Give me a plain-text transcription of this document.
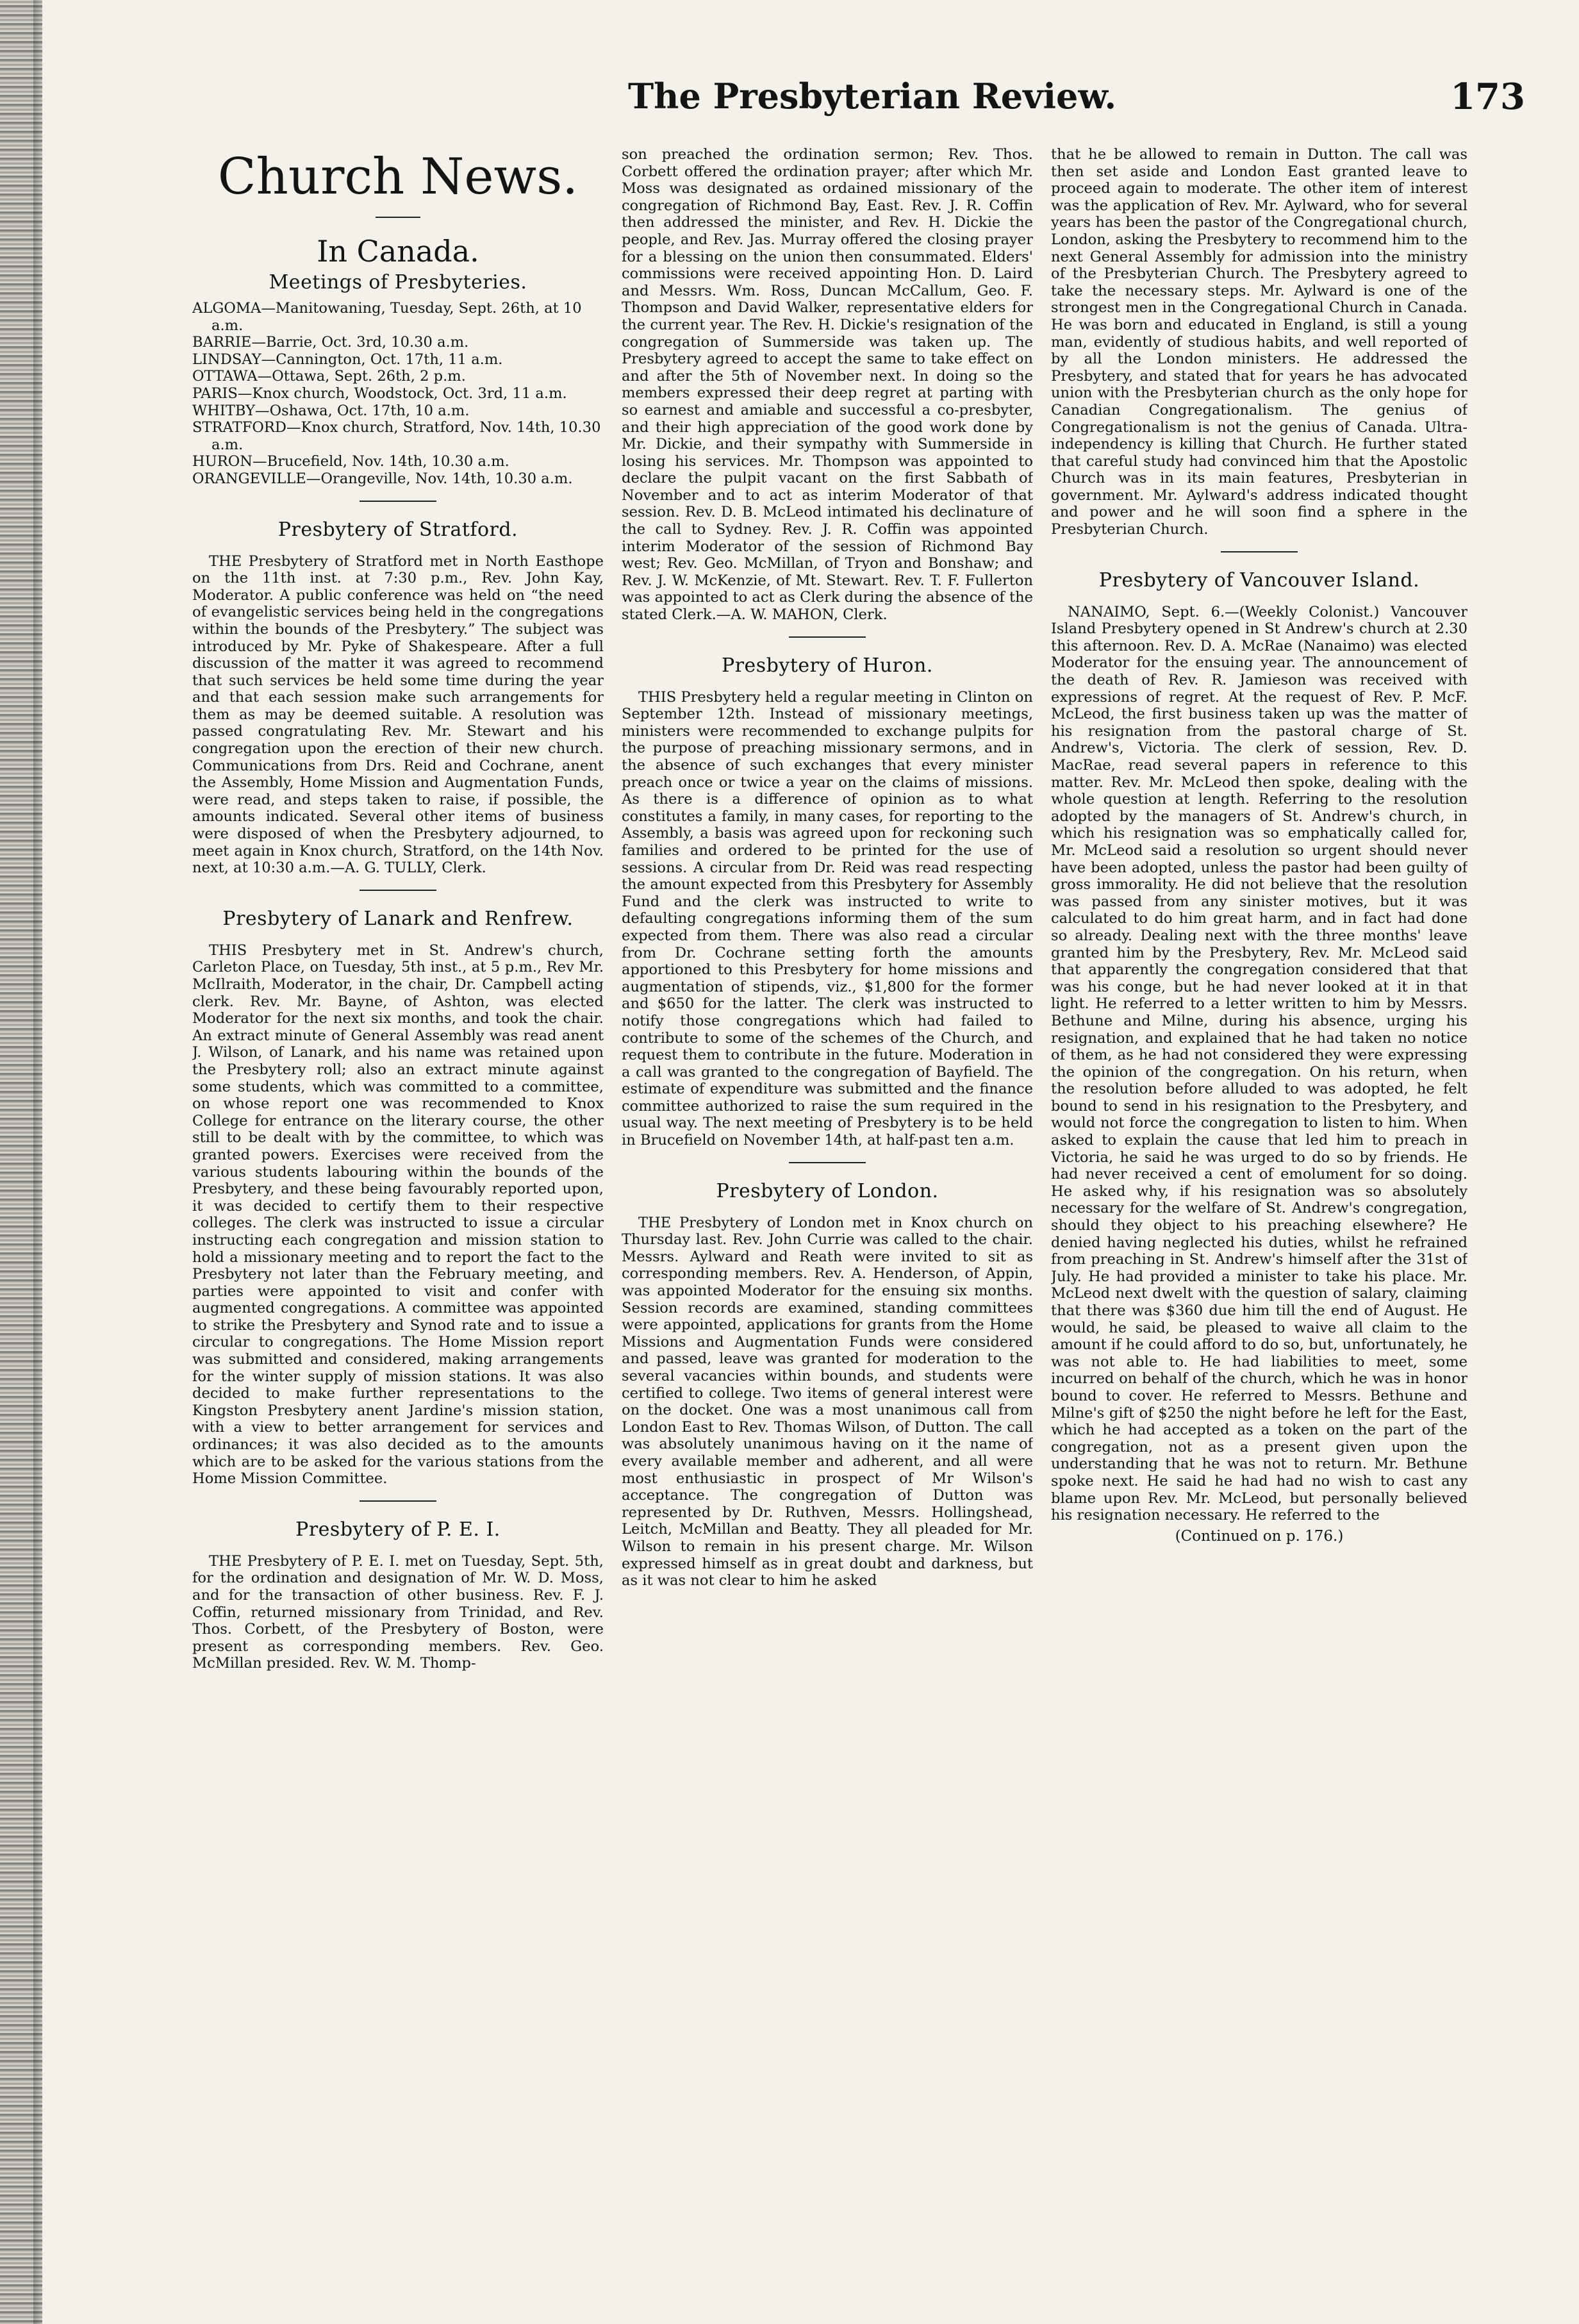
The Presbyterian Review.	173
Church News.
In Canada.
Meetings of Presbyteries.

ALGOMA—Manitowaning, Tuesday, Sept. 26th, at 10 a.m.

BARRIE—Barrie, Oct. 3rd, 10.30 a.m.

LINDSAY—Cannington, Oct. 17th, 11 a.m.

OTTAWA—Ottawa, Sept. 26th, 2 p.m.

PARIS—Knox church, Woodstock, Oct. 3rd, 11 a.m.

WHITBY—Oshawa, Oct. 17th, 10 a.m.

STRATFORD—Knox church, Stratford, Nov. 14th, 10.30 a.m.

HURON—Brucefield, Nov. 14th, 10.30 a.m.

ORANGEVILLE—Orangeville, Nov. 14th, 10.30 a.m.

Presbytery of Stratford.

THE Presbytery of Stratford met in North Easthope on the 11th inst. at 7:30 p.m., Rev. John Kay, Moderator. A public conference was held on “the need of evangelistic services being held in the congregations within the bounds of the Presbytery.” The subject was introduced by Mr. Pyke of Shakespeare. After a full discussion of the matter it was agreed to recommend that such services be held some time during the year and that each session make such arrangements for them as may be deemed suitable. A resolution was passed congratulating Rev. Mr. Stewart and his congregation upon the erection of their new church. Communications from Drs. Reid and Cochrane, anent the Assembly, Home Mission and Augmentation Funds, were read, and steps taken to raise, if possible, the amounts indicated. Several other items of business were disposed of when the Presbytery adjourned, to meet again in Knox church, Stratford, on the 14th Nov. next, at 10:30 a.m.—A. G. TULLY, Clerk.

Presbytery of Lanark and Renfrew.

THIS Presbytery met in St. Andrew's church, Carleton Place, on Tuesday, 5th inst., at 5 p.m., Rev Mr. McIlraith, Moderator, in the chair, Dr. Campbell acting clerk. Rev. Mr. Bayne, of Ashton, was elected Moderator for the next six months, and took the chair. An extract minute of General Assembly was read anent J. Wilson, of Lanark, and his name was retained upon the Presbytery roll; also an extract minute against some students, which was committed to a committee, on whose report one was recommended to Knox College for entrance on the literary course, the other still to be dealt with by the committee, to which was granted powers. Exercises were received from the various students labouring within the bounds of the Presbytery, and these being favourably reported upon, it was decided to certify them to their respective colleges. The clerk was instructed to issue a circular instructing each congregation and mission station to hold a missionary meeting and to report the fact to the Presbytery not later than the February meeting, and parties were appointed to visit and confer with augmented congregations. A committee was appointed to strike the Presbytery and Synod rate and to issue a circular to congregations. The Home Mission report was submitted and considered, making arrangements for the winter supply of mission stations. It was also decided to make further representations to the Kingston Presbytery anent Jardine's mission station, with a view to better arrangement for services and ordinances; it was also decided as to the amounts which are to be asked for the various stations from the Home Mission Committee.

Presbytery of P. E. I.

THE Presbytery of P. E. I. met on Tuesday, Sept. 5th, for the ordination and designation of Mr. W. D. Moss, and for the transaction of other business. Rev. F. J. Coffin, returned missionary from Trinidad, and Rev. Thos. Corbett, of the Presbytery of Boston, were present as corresponding members. Rev. Geo. McMillan presided. Rev. W. M. Thomp-

son preached the ordination sermon; Rev. Thos. Corbett offered the ordination prayer; after which Mr. Moss was designated as ordained missionary of the congregation of Richmond Bay, East. Rev. J. R. Coffin then addressed the minister, and Rev. H. Dickie the people, and Rev. Jas. Murray offered the closing prayer for a blessing on the union then consummated. Elders' commissions were received appointing Hon. D. Laird and Messrs. Wm. Ross, Duncan McCallum, Geo. F. Thompson and David Walker, representative elders for the current year. The Rev. H. Dickie's resignation of the congregation of Summerside was taken up. The Presbytery agreed to accept the same to take effect on and after the 5th of November next. In doing so the members expressed their deep regret at parting with so earnest and amiable and successful a co-presbyter, and their high appreciation of the good work done by Mr. Dickie, and their sympathy with Summerside in losing his services. Mr. Thompson was appointed to declare the pulpit vacant on the first Sabbath of November and to act as interim Moderator of that session. Rev. D. B. McLeod intimated his declinature of the call to Sydney. Rev. J. R. Coffin was appointed interim Moderator of the session of Richmond Bay west; Rev. Geo. McMillan, of Tryon and Bonshaw; and Rev. J. W. McKenzie, of Mt. Stewart. Rev. T. F. Fullerton was appointed to act as Clerk during the absence of the stated Clerk.—A. W. MAHON, Clerk.

Presbytery of Huron.

THIS Presbytery held a regular meeting in Clinton on September 12th. Instead of missionary meetings, ministers were recommended to exchange pulpits for the purpose of preaching missionary sermons, and in the absence of such exchanges that every minister preach once or twice a year on the claims of missions. As there is a difference of opinion as to what constitutes a family, in many cases, for reporting to the Assembly, a basis was agreed upon for reckoning such families and ordered to be printed for the use of sessions. A circular from Dr. Reid was read respecting the amount expected from this Presbytery for Assembly Fund and the clerk was instructed to write to defaulting congregations informing them of the sum expected from them. There was also read a circular from Dr. Cochrane setting forth the amounts apportioned to this Presbytery for home missions and augmentation of stipends, viz., $1,800 for the former and $650 for the latter. The clerk was instructed to notify those congregations which had failed to contribute to some of the schemes of the Church, and request them to contribute in the future. Moderation in a call was granted to the congregation of Bayfield. The estimate of expenditure was submitted and the finance committee authorized to raise the sum required in the usual way. The next meeting of Presbytery is to be held in Brucefield on November 14th, at half-past ten a.m.

Presbytery of London.

THE Presbytery of London met in Knox church on Thursday last. Rev. John Currie was called to the chair. Messrs. Aylward and Reath were invited to sit as corresponding members. Rev. A. Henderson, of Appin, was appointed Moderator for the ensuing six months. Session records are examined, standing committees were appointed, applications for grants from the Home Missions and Augmentation Funds were considered and passed, leave was granted for moderation to the several vacancies within bounds, and students were certified to college. Two items of general interest were on the docket. One was a most unanimous call from London East to Rev. Thomas Wilson, of Dutton. The call was absolutely unanimous having on it the name of every available member and adherent, and all were most enthusiastic in prospect of Mr Wilson's acceptance. The congregation of Dutton was represented by Dr. Ruthven, Messrs. Hollingshead, Leitch, McMillan and Beatty. They all pleaded for Mr. Wilson to remain in his present charge. Mr. Wilson expressed himself as in great doubt and darkness, but as it was not clear to him he asked

that he be allowed to remain in Dutton. The call was then set aside and London East granted leave to proceed again to moderate. The other item of interest was the application of Rev. Mr. Aylward, who for several years has been the pastor of the Congregational church, London, asking the Presbytery to recommend him to the next General Assembly for admission into the ministry of the Presbyterian Church. The Presbytery agreed to take the necessary steps. Mr. Aylward is one of the strongest men in the Congregational Church in Canada. He was born and educated in England, is still a young man, evidently of studious habits, and well reported of by all the London ministers. He addressed the Presbytery, and stated that for years he has advocated union with the Presbyterian church as the only hope for Canadian Congregationalism. The genius of Congregationalism is not the genius of Canada. Ultra-independency is killing that Church. He further stated that careful study had convinced him that the Apostolic Church was in its main features, Presbyterian in government. Mr. Aylward's address indicated thought and power and he will soon find a sphere in the Presbyterian Church.

Presbytery of Vancouver Island.

NANAIMO, Sept. 6.—(Weekly Colonist.) Vancouver Island Presbytery opened in St Andrew's church at 2.30 this afternoon. Rev. D. A. McRae (Nanaimo) was elected Moderator for the ensuing year. The announcement of the death of Rev. R. Jamieson was received with expressions of regret. At the request of Rev. P. McF. McLeod, the first business taken up was the matter of his resignation from the pastoral charge of St. Andrew's, Victoria. The clerk of session, Rev. D. MacRae, read several papers in reference to this matter. Rev. Mr. McLeod then spoke, dealing with the whole question at length. Referring to the resolution adopted by the managers of St. Andrew's church, in which his resignation was so emphatically called for, Mr. McLeod said a resolution so urgent should never have been adopted, unless the pastor had been guilty of gross immorality. He did not believe that the resolution was passed from any sinister motives, but it was calculated to do him great harm, and in fact had done so already. Dealing next with the three months' leave granted him by the Presbytery, Rev. Mr. McLeod said that apparently the congregation considered that that was his conge, but he had never looked at it in that light. He referred to a letter written to him by Messrs. Bethune and Milne, during his absence, urging his resignation, and explained that he had taken no notice of them, as he had not considered they were expressing the opinion of the congregation. On his return, when the resolution before alluded to was adopted, he felt bound to send in his resignation to the Presbytery, and would not force the congregation to listen to him. When asked to explain the cause that led him to preach in Victoria, he said he was urged to do so by friends. He had never received a cent of emolument for so doing. He asked why, if his resignation was so absolutely necessary for the welfare of St. Andrew's congregation, should they object to his preaching elsewhere? He denied having neglected his duties, whilst he refrained from preaching in St. Andrew's himself after the 31st of July. He had provided a minister to take his place. Mr. McLeod next dwelt with the question of salary, claiming that there was $360 due him till the end of August. He would, he said, be pleased to waive all claim to the amount if he could afford to do so, but, unfortunately, he was not able to. He had liabilities to meet, some incurred on behalf of the church, which he was in honor bound to cover. He referred to Messrs. Bethune and Milne's gift of $250 the night before he left for the East, which he had accepted as a token on the part of the congregation, not as a present given upon the understanding that he was not to return. Mr. Bethune spoke next. He said he had had no wish to cast any blame upon Rev. Mr. McLeod, but personally believed his resignation necessary. He referred to the

(Continued on p. 176.)
